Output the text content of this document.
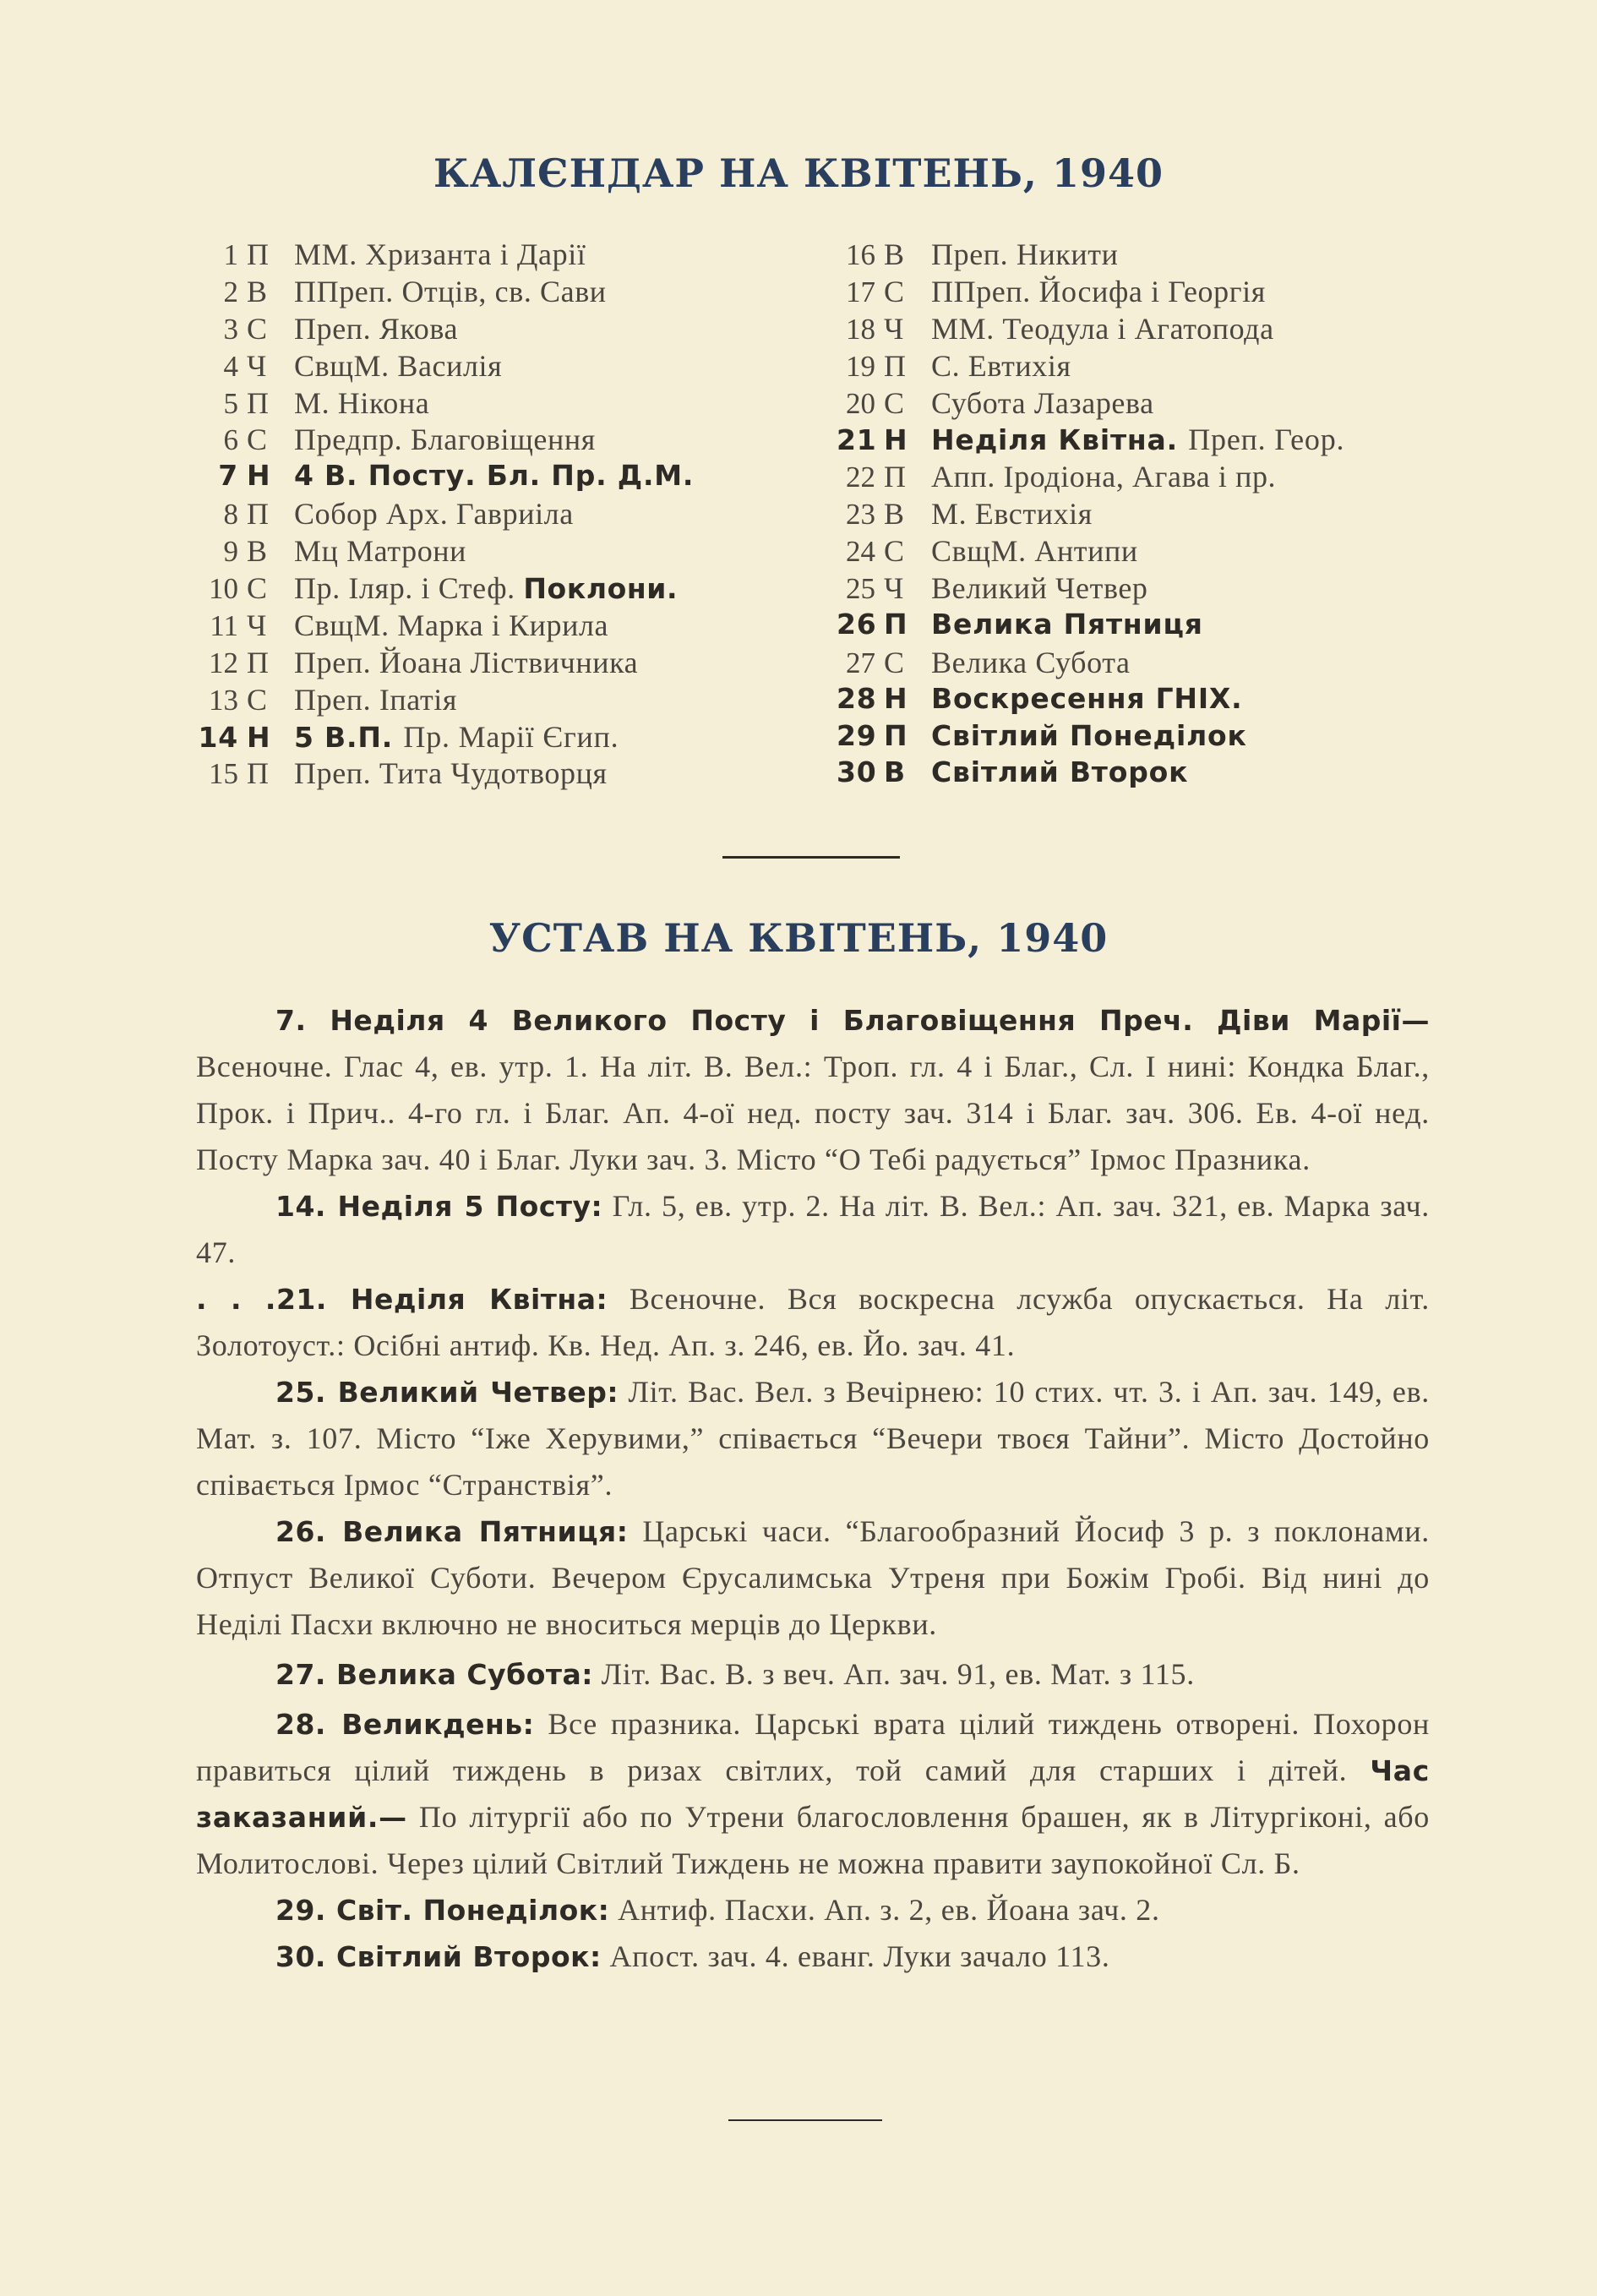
КАЛЄНДАР НА КВІТЕНЬ, 1940
1 П ММ. Хризанта і Дарії
2 В ППреп. Отців, св. Сави
3 С Преп. Якова
4 Ч СвщМ. Василія
5 П М. Нікона
6 С Предпр. Благовіщення
7 Н 4 В. Посту. Бл. Пр. Д.М.
8 П Собор Арх. Гавриіла
9 В Мц Матрони
10 С Пр. Іляр. і Стеф. Поклони.
11 Ч СвщМ. Марка і Кирила
12 П Преп. Йоана Ліствичника
13 С Преп. Іпатія
14 Н 5 В.П. Пр. Марії Єгип.
15 П Преп. Тита Чудотворця
16 В Преп. Никити
17 С ППреп. Йосифа і Георгія
18 Ч ММ. Теодула і Агатопода
19 П С. Евтихія
20 С Субота Лазарева
21 Н Неділя Квітна. Преп. Геор.
22 П Апп. Іродіона, Агава і пр.
23 В М. Евстихія
24 С СвщМ. Антипи
25 Ч Великий Четвер
26 П Велика Пятниця
27 С Велика Субота
28 Н Воскресення ГНІХ.
29 П Світлий Понеділок
30 В Світлий Второк
УСТАВ НА КВІТЕНЬ, 1940

7. Неділя 4 Великого Посту і Благовіщення Преч. Діви Марії— Всеночне. Глас 4, ев. утр. 1. На літ. В. Вел.: Троп. гл. 4 і Благ., Сл. І нині: Кондка Благ., Прок. і Прич.. 4-го гл. і Благ. Ап. 4-ої нед. посту зач. 314 і Благ. зач. 306. Ев. 4-ої нед. Посту Марка зач. 40 і Благ. Луки зач. 3. Місто “О Тебі радується” Ірмос Празника.

14. Неділя 5 Посту: Гл. 5, ев. утр. 2. На літ. В. Вел.: Ап. зач. 321, ев. Марка зач. 47.

. . .21. Неділя Квітна: Всеночне. Вся воскресна лсужба опускається. На літ. Золотоуст.: Осібні антиф. Кв. Нед. Ап. з. 246, ев. Йо. зач. 41.

25. Великий Четвер: Літ. Вас. Вел. з Вечірнею: 10 стих. чт. 3. і Ап. зач. 149, ев. Мат. з. 107. Місто “Іже Херувими,” співається “Вечери твоєя Тайни”. Місто Достойно співається Ірмос “Странствія”.

26. Велика Пятниця: Царські часи. “Благообразний Йосиф 3 р. з поклонами. Отпуст Великої Суботи. Вечером Єрусалимська Утреня при Божім Гробі. Від нині до Неділі Пасхи включно не вноситься мерців до Церкви.

27. Велика Субота: Літ. Вас. В. з веч. Ап. зач. 91, ев. Мат. з 115.

28. Великдень: Все празника. Царські врата цілий тиждень отворені. Похорон правиться цілий тиждень в ризах світлих, той самий для старших і дітей. Час заказаний.— По літургії або по Утрени благословлення брашен, як в Літургіконі, або Молитослові. Через цілий Світлий Тиждень не можна правити заупокойної Сл. Б.

29. Світ. Понеділок: Антиф. Пасхи. Ап. з. 2, ев. Йоана зач. 2.

30. Світлий Второк: Апост. зач. 4. еванг. Луки зачало 113.
